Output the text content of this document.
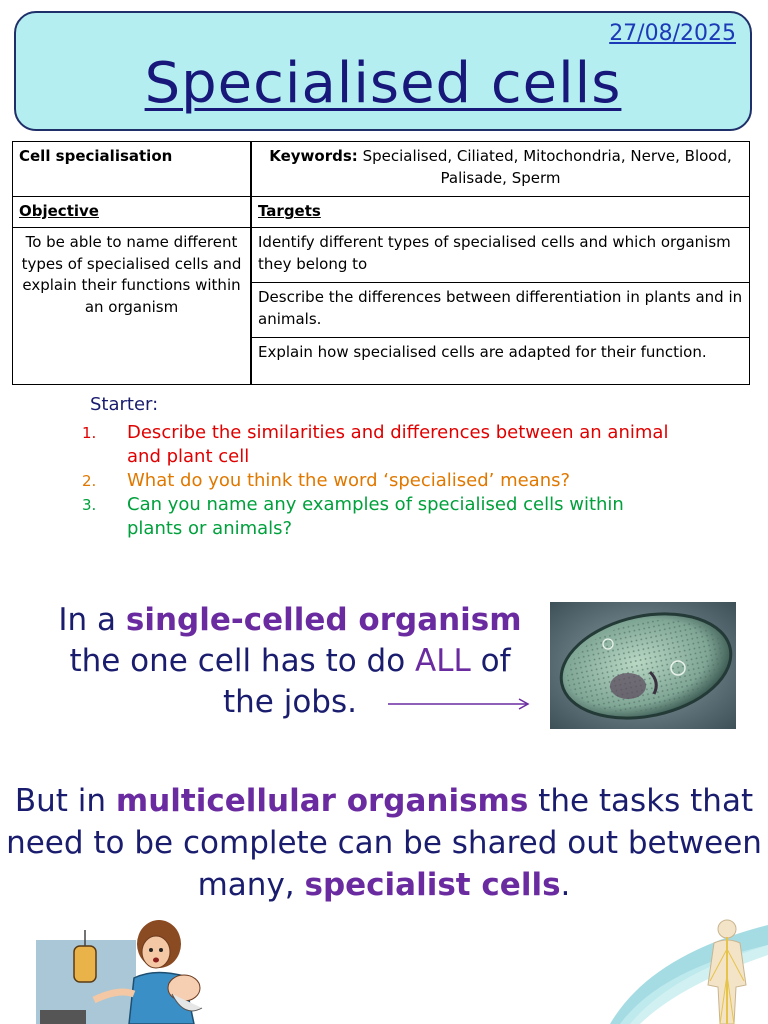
27/08/2025
Specialised cells
Cell specialisation	Keywords: Specialised, Ciliated, Mitochondria, Nerve, Blood, Palisade, Sperm
Objective	Targets
To be able to name different types of specialised cells and explain their functions within an organism	Identify different types of specialised cells and which organism they belong to
	Describe the differences between differentiation in plants and in animals.
	Explain how specialised cells are adapted for their function.
Starter:
1. Describe the similarities and differences between an animal and plant cell
2. What do you think the word ‘specialised’ means?
3. Can you name any examples of specialised cells within plants or animals?
In a single-celled organism
the one cell has to do ALL of the jobs.
But in multicellular organisms the tasks that need to be complete can be shared out between many, specialist cells.
